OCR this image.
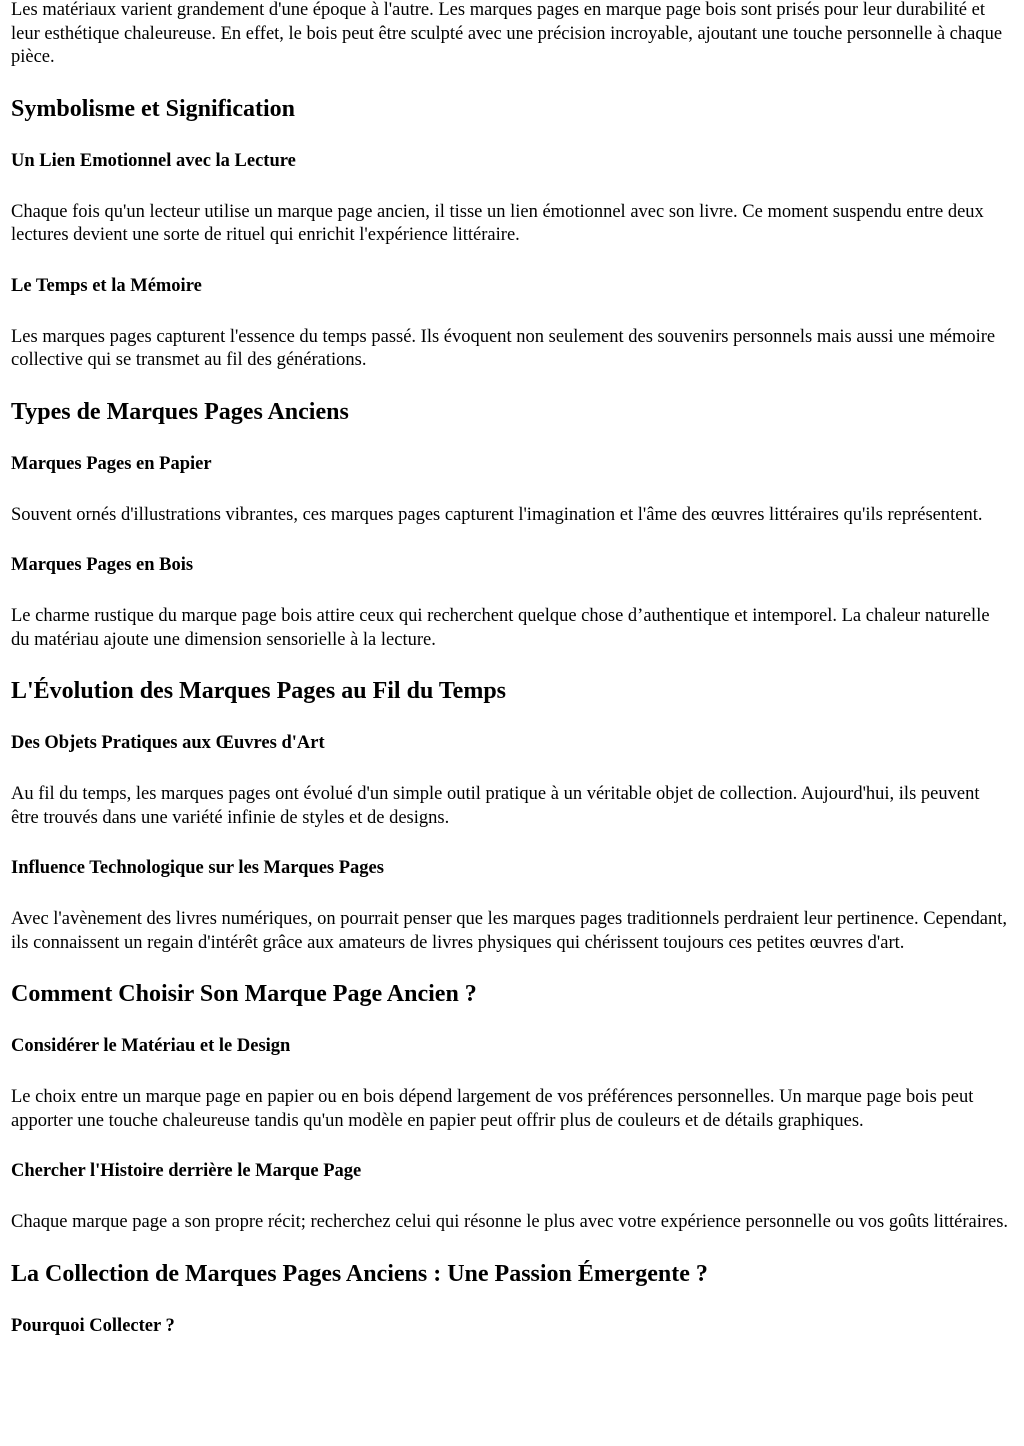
Les matériaux varient grandement d'une époque à l'autre. Les marques pages en marque page bois sont prisés pour leur durabilité et leur esthétique chaleureuse. En effet, le bois peut être sculpté avec une précision incroyable, ajoutant une touche personnelle à chaque pièce.

Symbolisme et Signification
Un Lien Emotionnel avec la Lecture

Chaque fois qu'un lecteur utilise un marque page ancien, il tisse un lien émotionnel avec son livre. Ce moment suspendu entre deux lectures devient une sorte de rituel qui enrichit l'expérience littéraire.

Le Temps et la Mémoire

Les marques pages capturent l'essence du temps passé. Ils évoquent non seulement des souvenirs personnels mais aussi une mémoire collective qui se transmet au fil des générations.

Types de Marques Pages Anciens
Marques Pages en Papier

Souvent ornés d'illustrations vibrantes, ces marques pages capturent l'imagination et l'âme des œuvres littéraires qu'ils représentent.

Marques Pages en Bois

Le charme rustique du marque page bois attire ceux qui recherchent quelque chose d’authentique et intemporel. La chaleur naturelle du matériau ajoute une dimension sensorielle à la lecture.

L'Évolution des Marques Pages au Fil du Temps
Des Objets Pratiques aux Œuvres d'Art

Au fil du temps, les marques pages ont évolué d'un simple outil pratique à un véritable objet de collection. Aujourd'hui, ils peuvent être trouvés dans une variété infinie de styles et de designs.

Influence Technologique sur les Marques Pages

Avec l'avènement des livres numériques, on pourrait penser que les marques pages traditionnels perdraient leur pertinence. Cependant, ils connaissent un regain d'intérêt grâce aux amateurs de livres physiques qui chérissent toujours ces petites œuvres d'art.

Comment Choisir Son Marque Page Ancien ?
Considérer le Matériau et le Design

Le choix entre un marque page en papier ou en bois dépend largement de vos préférences personnelles. Un marque page bois peut apporter une touche chaleureuse tandis qu'un modèle en papier peut offrir plus de couleurs et de détails graphiques.

Chercher l'Histoire derrière le Marque Page

Chaque marque page a son propre récit; recherchez celui qui résonne le plus avec votre expérience personnelle ou vos goûts littéraires.

La Collection de Marques Pages Anciens : Une Passion Émergente ?
Pourquoi Collecter ?
